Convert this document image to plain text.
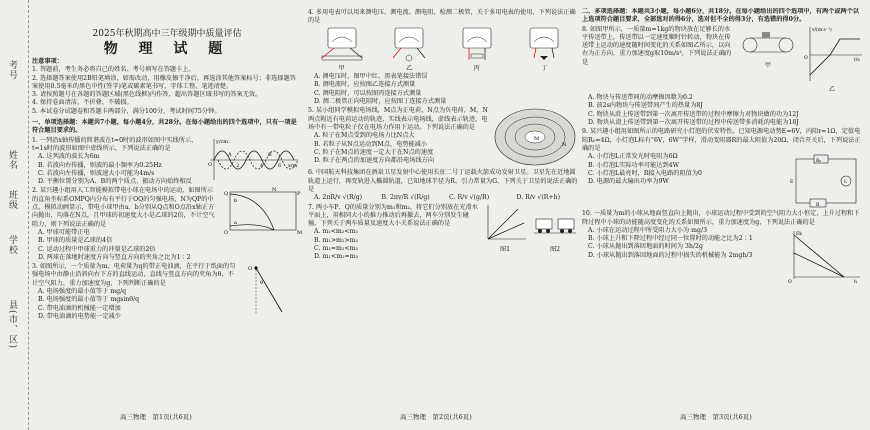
考号
姓名
班级
学校
县(市、区)
2025年秋期高中三年级期中质量评估
物 理 试 题
注意事项：
1. 答题前，考生务必将自己的姓名、考号填写在答题卡上。
2. 选择题答案使用2B铅笔填涂，如需改动，用橡皮擦干净后，再选涂其他答案标号；非选择题答案使用0.5毫米的黑色中性(签字)笔或碳素笔书写，字体工整、笔迹清楚。
3. 请按照题号在各题的答题区域(黑色线框)内作答，超出答题区域书写的答案无效。
4. 保持卷面清洁，不折叠、不破损。
5. 本试卷分试题卷和答题卡两部分，满分100分，考试时间75分钟。
一、单项选择题：本题共7小题，每小题4分，共28分。在每小题给出的四个选项中，只有一项是符合题目要求的。
1. 一列沿x轴传播的简谐波在t=0时的波形如图中实线所示，t=1s时的波形如图中虚线所示，下列说法正确的是
A. 这列波的波长为6m
B. 若波向右传播，则波的最小频率为0.25Hz
C. 若波向左传播，则波速大小可能为4m/s
D. 平衡位置分别为A、B的两个质点，振动方向始终相反
y/cm
x/m
O	2	4	6
A	B
2. 某兴趣小组用人工智能模拟带电小球在电场中的运动，如图所示的直角坐标系OMPQ内分布有平行于OQ的匀强电场，N为QP的中点，模拟动画显示，带电小球甲由a、b分别从Q点和O点沿x轴正方向抛出，均落在N点，且甲球的初速度大小是乙球的2倍，不计空气阻力，则下列说法正确的是
A. 甲球可能带正电
B. 甲球的质量是乙球的4倍
C. 运动过程中甲球重力的冲量是乙球的2倍
D. 两球在落地时速度方向与竖直方向的夹角之比为1∶2
Q
N
P
O	M
b
a
3. 如图所示，一个质量为m、电荷量为q的带正电油滴，在平行于纸面的匀强电场中由静止沿斜向右下方的直线运动，直线与竖直方向的夹角为θ，不计空气阻力，重力加速度为g，下列判断正确的是
A. 电场强度的最小值等于 mg/q
B. 电场强度的最小值等于 mgsinθ/q
C. 带电油滴的机械能一定增加
D. 带电油滴的电势能一定减少
O
θ
4. 多用电表可以用来测电压、测电流、测电阻、检测二极管，关于多用电表的使用，下列说法正确的是
甲	乙	丙	丁
A. 测电压时，图甲中红、黑表笔接法错误
B. 测电流时，应按图乙连接方式测量
C. 测电阻时，可以按图丙连接方式测量
D. 测二极管正向电阻时，应按图丁连接方式测量
5. 某小组同学模拟电场线，M点为正电荷，N点为负电荷，M、N两点附近有电荷运动的轨迹，实线表示电场线，虚线表示轨迹，电场中有一带电粒子仅在电场力作用下运动。下列说法正确的是
A. 粒子在M点受到的电场力比N点大
B. 若粒子从N点运动到M点，电势能减小
C. 粒子在M点的速度一定大于在N点的速度
D. 粒子在两点的加速度方向都沿电场线方向
M
N
6. 中国航天科技集团在酒泉卫星发射中心使用长征二号丁运载火箭成功发射卫星。卫星先在近地圆轨道上运行，再变轨进入椭圆轨道，已知地球半径为R，引力常量为G，下列关于卫星的说法正确的是
A. 2πR/v √(R/g)	B. 2πv/R √(R/g)	C. R/v √(g/R)	D. R/v √(R+h)
7. 两小车P、Q的质量分别为m₁和m₂，将它们分别放在光滑水平面上，用相同大小的推力推动后再撤去，两车分别发生碰撞，下列关于两车质量及速度大小关系说法正确的是
A. m₁<m₂<m₃
B. m₁>m₂>m₃
C. m₁=m₂<m₃
D. m₁<m₂=m₃
图1	图2
二、多项选择题：本题共3小题，每小题6分，共18分。在每小题给出的四个选项中，有两个或两个以上选项符合题目要求，全部选对的得6分，选对但不全的得3分，有选错的得0分。
8. 如图甲所示，一质量m=1kg的物块放在足够长的水平传送带上，传送带以一定速度顺时针转动，物块在传送带上运动的速度随时间变化的关系如图乙所示，以向右为正方向，重力加速度g取10m/s²，下列说法正确的是	甲
v/(m·s⁻¹)
t/s
O
乙
A. 物块与传送带间的动摩擦因数为0.2
B. 前2s内物块与传送带间产生的热量为8J
C. 物块从滑上传送带到第一次离开传送带的过程中摩擦力对物块做的功为12J
D. 物块从滑上传送带到第一次离开传送带的过程中传送带多消耗的电能为18J
9. 某兴趣小组用如图所示的电路研究小灯泡的伏安特性。已知电源电动势E=6V，内阻r=1Ω，定值电阻R₀=4Ω，小灯泡L标有“6V，6W”字样，滑动变阻器R的最大阻值为20Ω，闭合开关后，下列说法正确的是
A. 小灯泡L正常发光时电阻为6Ω
B. 小灯泡L实际功率可能达到4W
C. 小灯泡L最亮时，R接入电路的阻值为0
D. 电源的最大输出功率为9W
R₀
L
R
E
10. 一质量为m的小球从地面竖直向上抛出，小球运动过程中受到的空气阻力大小恒定，上升过程和下降过程中小球的动能随高度变化的关系如图所示，重力加速度为g，下列说法正确的是
A. 小球在运动过程中所受阻力大小为 mg/3
B. 小球上升和下降过程中经过同一位置时的动能之比为2∶1
C. 小球从抛出到落回地面的时间为 3h/2g
D. 小球从抛出到落回地面的过程中损失的机械能为 2mgh/3
Ek
h
O
高三物理　第1页(共6页)	高三物理　第2页(共6页)	高三物理　第3页(共6页)
